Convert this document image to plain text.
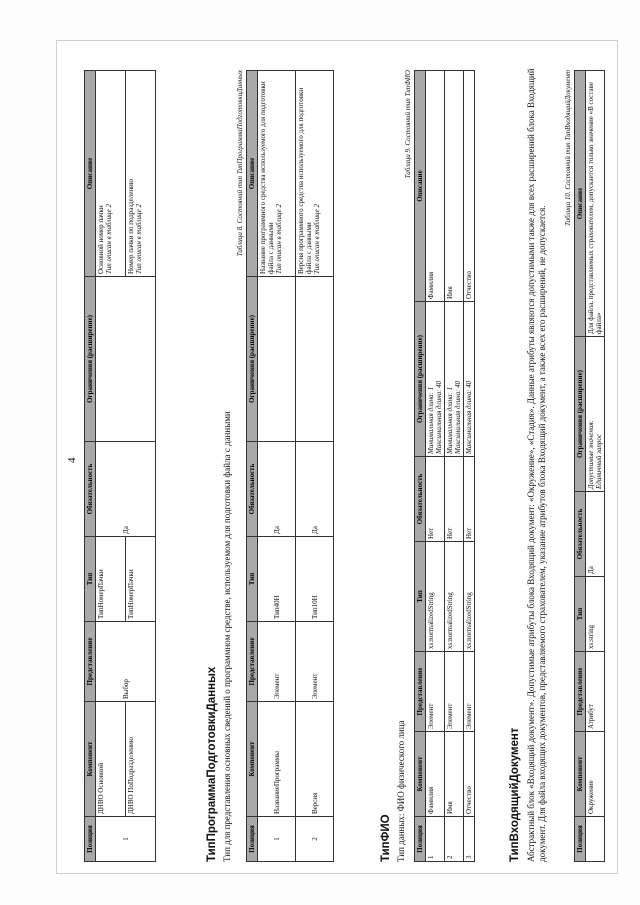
4
Позиция	Компонент	Представление	Тип	Обязательность	Ограничения (расширение)	Описание
1	ДНВО Основной	Выбор	ТипНомерПачки	Да		Основной номер пачки
Тип описан в таблице 2
	ДНВО ПоПодразделению		ТипНомерПачки			Номер пачки по подразделению
Тип описан в таблице 2
ТипПрограммаПодготовкиДанных Тип для представления основных сведений о программном средстве, используемом для подготовки файла с данными
Таблица 8. Состояний тип ТипПрограммаПодготовкиДанных
Позиция	Компонент	Представление	Тип	Обязательность	Ограничения (расширение)	Описание
1	НазваниеПрограммы	Элемент	Тип40Н	Да		Название программного средства используемого для подготовки файла с данными
Тип описан в таблице 2
2	Версия	Элемент	Тип10Н	Да		Версия программного средства используемого для подготовки файла с данными
Тип описан в таблице 2
ТипФИО Тип данных: ФИО физического лица
Таблица 9. Состояний тип ТипФИО
Позиция	Компонент	Представление	Тип	Обязательность	Ограничения (расширение)	Описание
1	Фамилия	Элемент	xs:normalizedString	Нет	Минимальная длина: 1
Максимальная длина: 40	Фамилия
2	Имя	Элемент	xs:normalizedString	Нет	Минимальная длина: 1
Максимальная длина: 40	Имя
3	Отчество	Элемент	xs:normalizedString	Нет	Максимальная длина: 40	Отчество
ТипВходящийДокумент Абстрактный блок «Входящий документ». Допустимые атрибуты блока Входящий документ: «Окружение», «Стадия». Данные атрибуты являются допустимыми также для всех расширений блока Входящий документ. Для файла входящих документов, представляемого страхователем, указание атрибутов блока Входящий документ, а также всех его расширений, не допускается.
Таблица 10. Состояний тип ТипВходящийДокумент
Позиция	Компонент	Представление	Тип	Обязательность	Ограничения (расширение)	Описание
	Окружение	Атрибут	xs:string	Да	Допустимые значения:
Единичный запрос	Для файла, представляемых страхователем, допускается только значение «В составе файла»
